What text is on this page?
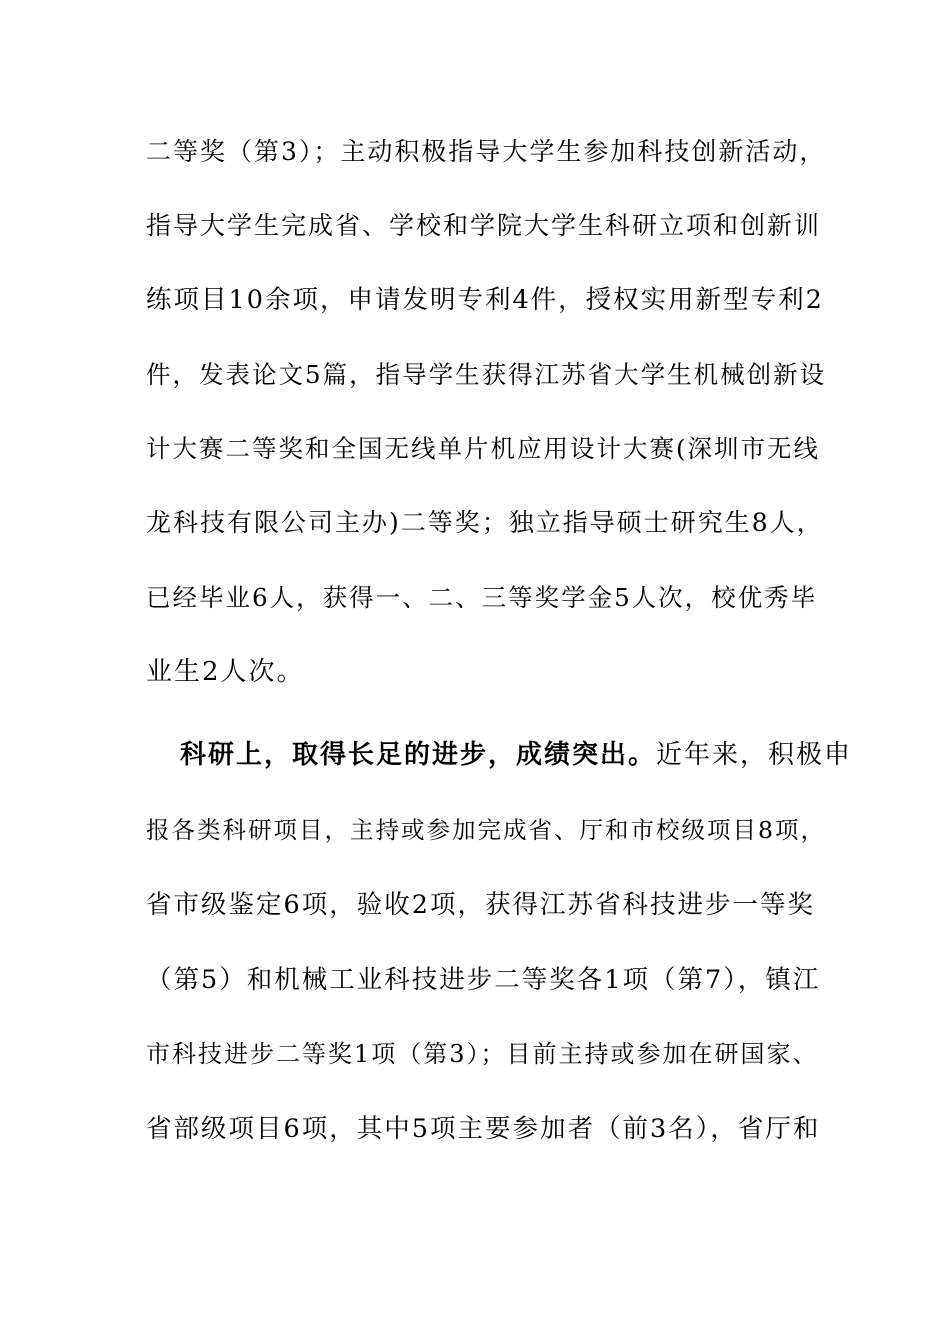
二等奖（第3）；主动积极指导大学生参加科技创新活动，
指导大学生完成省、学校和学院大学生科研立项和创新训
练项目10余项，申请发明专利4件，授权实用新型专利2
件，发表论文5篇，指导学生获得江苏省大学生机械创新设
计大赛二等奖和全国无线单片机应用设计大赛(深圳市无线
龙科技有限公司主办)二等奖；独立指导硕士研究生8人，
已经毕业6人，获得一、二、三等奖学金5人次，校优秀毕
业生2人次。
科研上，取得长足的进步，成绩突出。近年来，积极申
报各类科研项目，主持或参加完成省、厅和市校级项目8项，
省市级鉴定6项，验收2项，获得江苏省科技进步一等奖
（第5）和机械工业科技进步二等奖各1项（第7），镇江
市科技进步二等奖1项（第3）；目前主持或参加在研国家、
省部级项目6项，其中5项主要参加者（前3名），省厅和
